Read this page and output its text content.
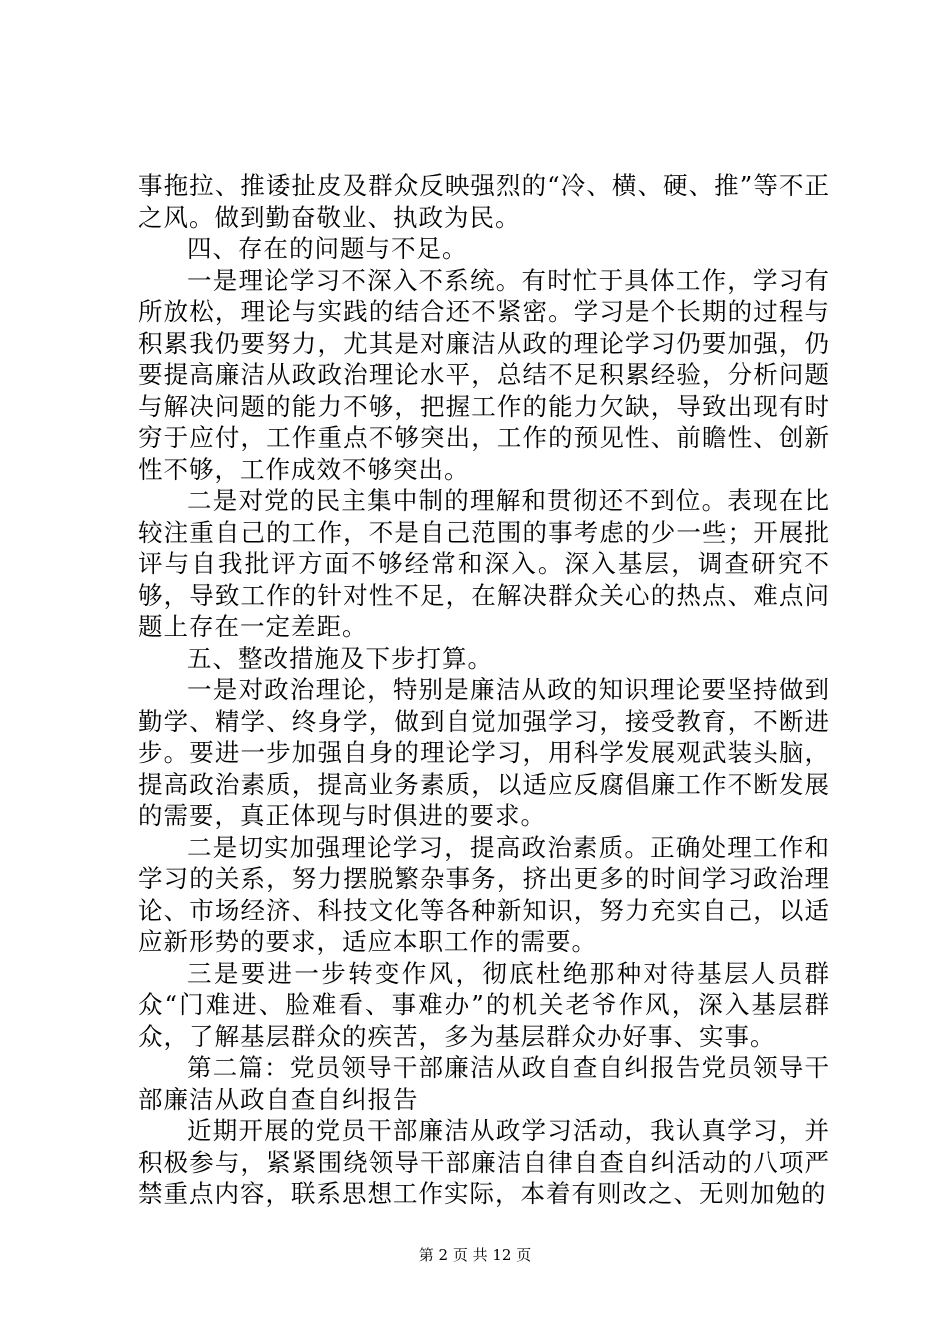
事拖拉、推诿扯皮及群众反映强烈的“冷、横、硬、推”等不正之风。做到勤奋敬业、执政为民。

四、存在的问题与不足。

一是理论学习不深入不系统。有时忙于具体工作，学习有所放松，理论与实践的结合还不紧密。学习是个长期的过程与积累我仍要努力，尤其是对廉洁从政的理论学习仍要加强，仍要提高廉洁从政政治理论水平，总结不足积累经验，分析问题与解决问题的能力不够，把握工作的能力欠缺，导致出现有时穷于应付，工作重点不够突出，工作的预见性、前瞻性、创新性不够，工作成效不够突出。

二是对党的民主集中制的理解和贯彻还不到位。表现在比较注重自己的工作，不是自己范围的事考虑的少一些；开展批评与自我批评方面不够经常和深入。深入基层，调查研究不够，导致工作的针对性不足，在解决群众关心的热点、难点问题上存在一定差距。

五、整改措施及下步打算。

一是对政治理论，特别是廉洁从政的知识理论要坚持做到勤学、精学、终身学，做到自觉加强学习，接受教育，不断进步。要进一步加强自身的理论学习，用科学发展观武装头脑，提高政治素质，提高业务素质，以适应反腐倡廉工作不断发展的需要，真正体现与时俱进的要求。

二是切实加强理论学习，提高政治素质。正确处理工作和学习的关系，努力摆脱繁杂事务，挤出更多的时间学习政治理论、市场经济、科技文化等各种新知识，努力充实自己，以适应新形势的要求，适应本职工作的需要。

三是要进一步转变作风，彻底杜绝那种对待基层人员群众“门难进、脸难看、事难办”的机关老爷作风，深入基层群众，了解基层群众的疾苦，多为基层群众办好事、实事。

第二篇：党员领导干部廉洁从政自查自纠报告党员领导干部廉洁从政自查自纠报告

近期开展的党员干部廉洁从政学习活动，我认真学习，并积极参与，紧紧围绕领导干部廉洁自律自查自纠活动的八项严禁重点内容，联系思想工作实际，本着有则改之、无则加勉的

第 2 页 共 12 页
